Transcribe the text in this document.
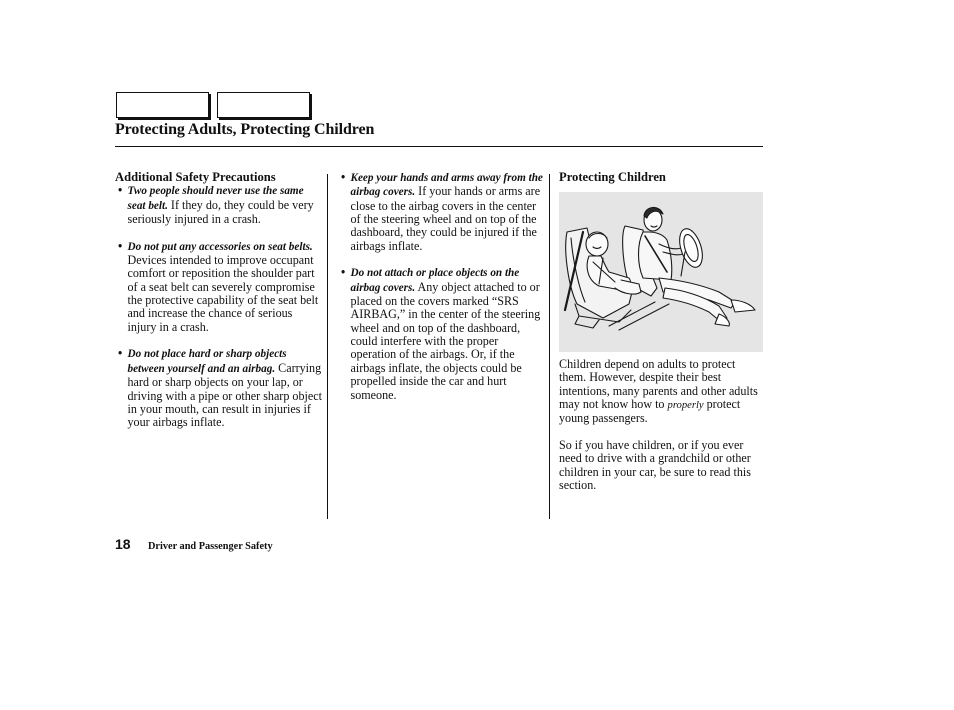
Protecting Adults, Protecting Children
Additional Safety Precautions
• Two people should never use the same seat belt. If they do, they could be very seriously injured in a crash.
• Do not put any accessories on seat belts. Devices intended to improve occupant comfort or reposition the shoulder part of a seat belt can severely compromise the protective capability of the seat belt and increase the chance of serious injury in a crash.
• Do not place hard or sharp objects between yourself and an airbag. Carrying hard or sharp objects on your lap, or driving with a pipe or other sharp object in your mouth, can result in injuries if your airbags inflate.
• Keep your hands and arms away from the airbag covers. If your hands or arms are close to the airbag covers in the center of the steering wheel and on top of the dashboard, they could be injured if the airbags inflate.
• Do not attach or place objects on the airbag covers. Any object attached to or placed on the covers marked “SRS AIRBAG,” in the center of the steering wheel and on top of the dashboard, could interfere with the proper operation of the airbags. Or, if the airbags inflate, the objects could be propelled inside the car and hurt someone.
Protecting Children

Children depend on adults to protect them. However, despite their best intentions, many parents and other adults may not know how to properly protect young passengers.

So if you have children, or if you ever need to drive with a grandchild or other children in your car, be sure to read this section.

18 Driver and Passenger Safety
